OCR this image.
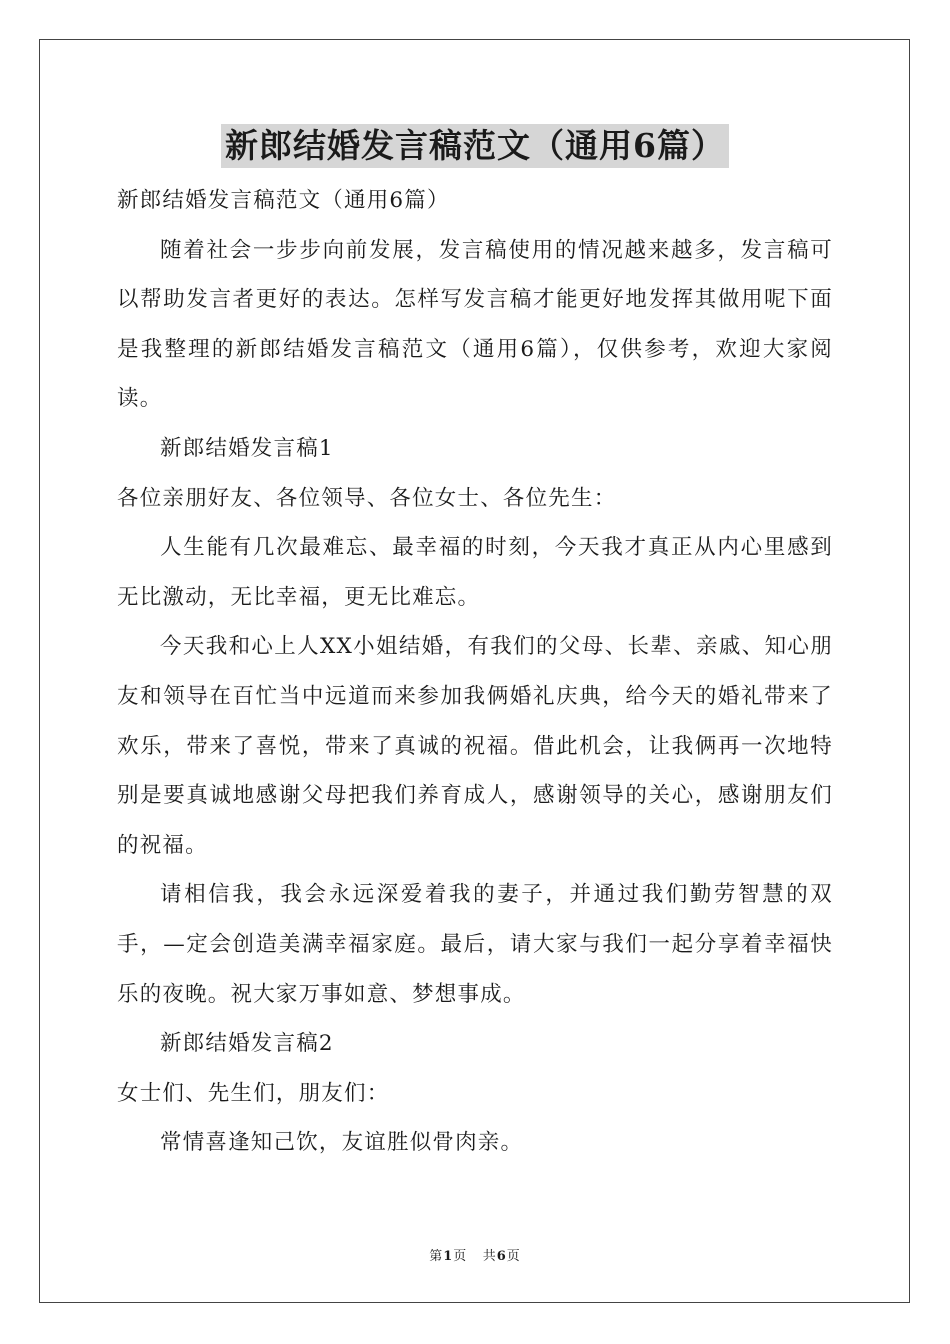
新郎结婚发言稿范文（通用6篇）

新郎结婚发言稿范文（通用6篇）

随着社会一步步向前发展，发言稿使用的情况越来越多，发言稿可以帮助发言者更好的表达。怎样写发言稿才能更好地发挥其做用呢下面是我整理的新郎结婚发言稿范文（通用6篇），仅供参考，欢迎大家阅读。

新郎结婚发言稿1

各位亲朋好友、各位领导、各位女士、各位先生：

人生能有几次最难忘、最幸福的时刻，今天我才真正从内心里感到无比激动，无比幸福，更无比难忘。

今天我和心上人XX小姐结婚，有我们的父母、长辈、亲戚、知心朋友和领导在百忙当中远道而来参加我俩婚礼庆典，给今天的婚礼带来了欢乐，带来了喜悦，带来了真诚的祝福。借此机会，让我俩再一次地特别是要真诚地感谢父母把我们养育成人，感谢领导的关心，感谢朋友们的祝福。

请相信我，我会永远深爱着我的妻子，并通过我们勤劳智慧的双手，—定会创造美满幸福家庭。最后，请大家与我们一起分享着幸福快乐的夜晚。祝大家万事如意、梦想事成。

新郎结婚发言稿2

女士们、先生们，朋友们：

常情喜逢知己饮，友谊胜似骨肉亲。

第1页 共6页
